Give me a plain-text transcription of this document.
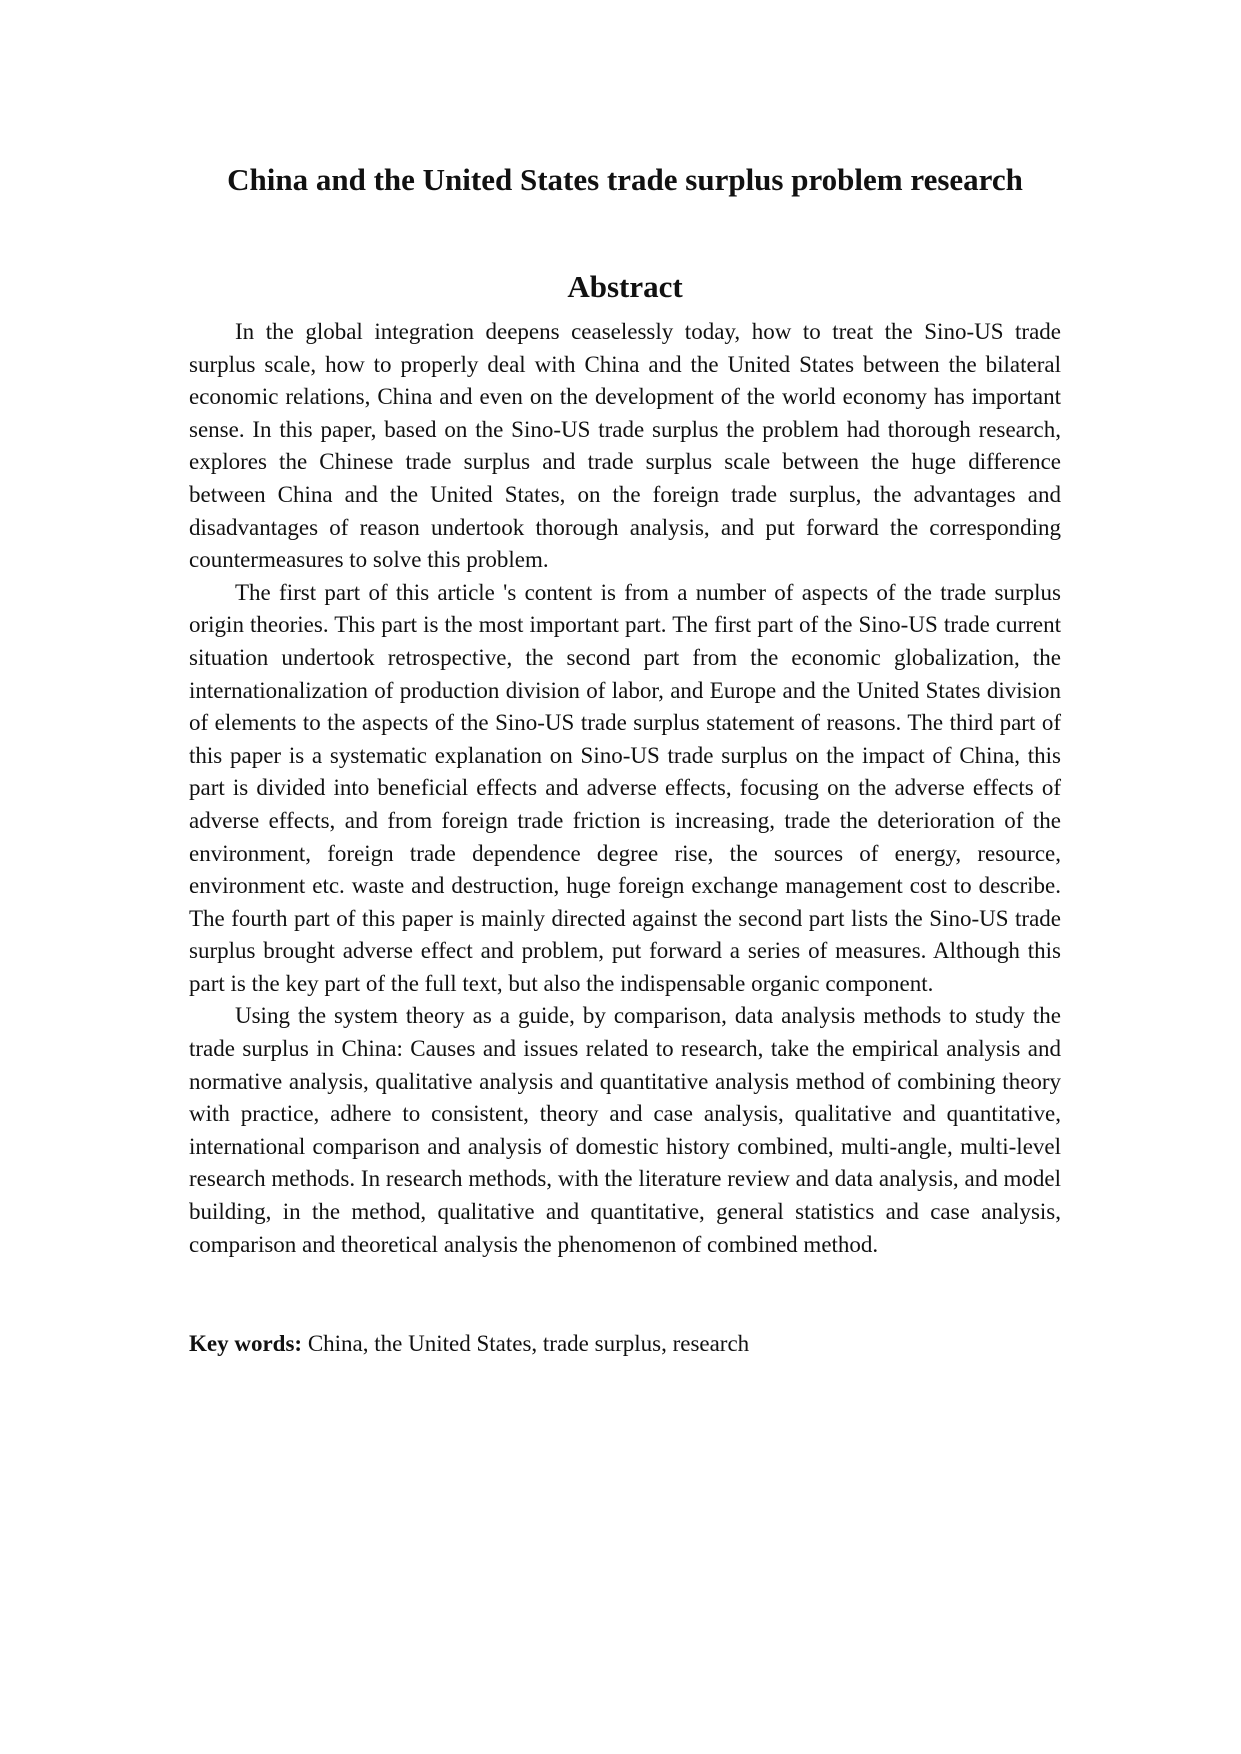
China and the United States trade surplus problem research
Abstract

In the global integration deepens ceaselessly today, how to treat the Sino-US trade surplus scale, how to properly deal with China and the United States between the bilateral economic relations, China and even on the development of the world economy has important sense. In this paper, based on the Sino-US trade surplus the problem had thorough research, explores the Chinese trade surplus and trade surplus scale between the huge difference between China and the United States, on the foreign trade surplus, the advantages and disadvantages of reason undertook thorough analysis, and put forward the corresponding countermeasures to solve this problem.

The first part of this article 's content is from a number of aspects of the trade surplus origin theories. This part is the most important part. The first part of the Sino-US trade current situation undertook retrospective, the second part from the economic globalization, the internationalization of production division of labor, and Europe and the United States division of elements to the aspects of the Sino-US trade surplus statement of reasons. The third part of this paper is a systematic explanation on Sino-US trade surplus on the impact of China, this part is divided into beneficial effects and adverse effects, focusing on the adverse effects of adverse effects, and from foreign trade friction is increasing, trade the deterioration of the environment, foreign trade dependence degree rise, the sources of energy, resource, environment etc. waste and destruction, huge foreign exchange management cost to describe. The fourth part of this paper is mainly directed against the second part lists the Sino-US trade surplus brought adverse effect and problem, put forward a series of measures. Although this part is the key part of the full text, but also the indispensable organic component.

Using the system theory as a guide, by comparison, data analysis methods to study the trade surplus in China: Causes and issues related to research, take the empirical analysis and normative analysis, qualitative analysis and quantitative analysis method of combining theory with practice, adhere to consistent, theory and case analysis, qualitative and quantitative, international comparison and analysis of domestic history combined, multi-angle, multi-level research methods. In research methods, with the literature review and data analysis, and model building, in the method, qualitative and quantitative, general statistics and case analysis, comparison and theoretical analysis the phenomenon of combined method.

Key words: China, the United States, trade surplus, research
